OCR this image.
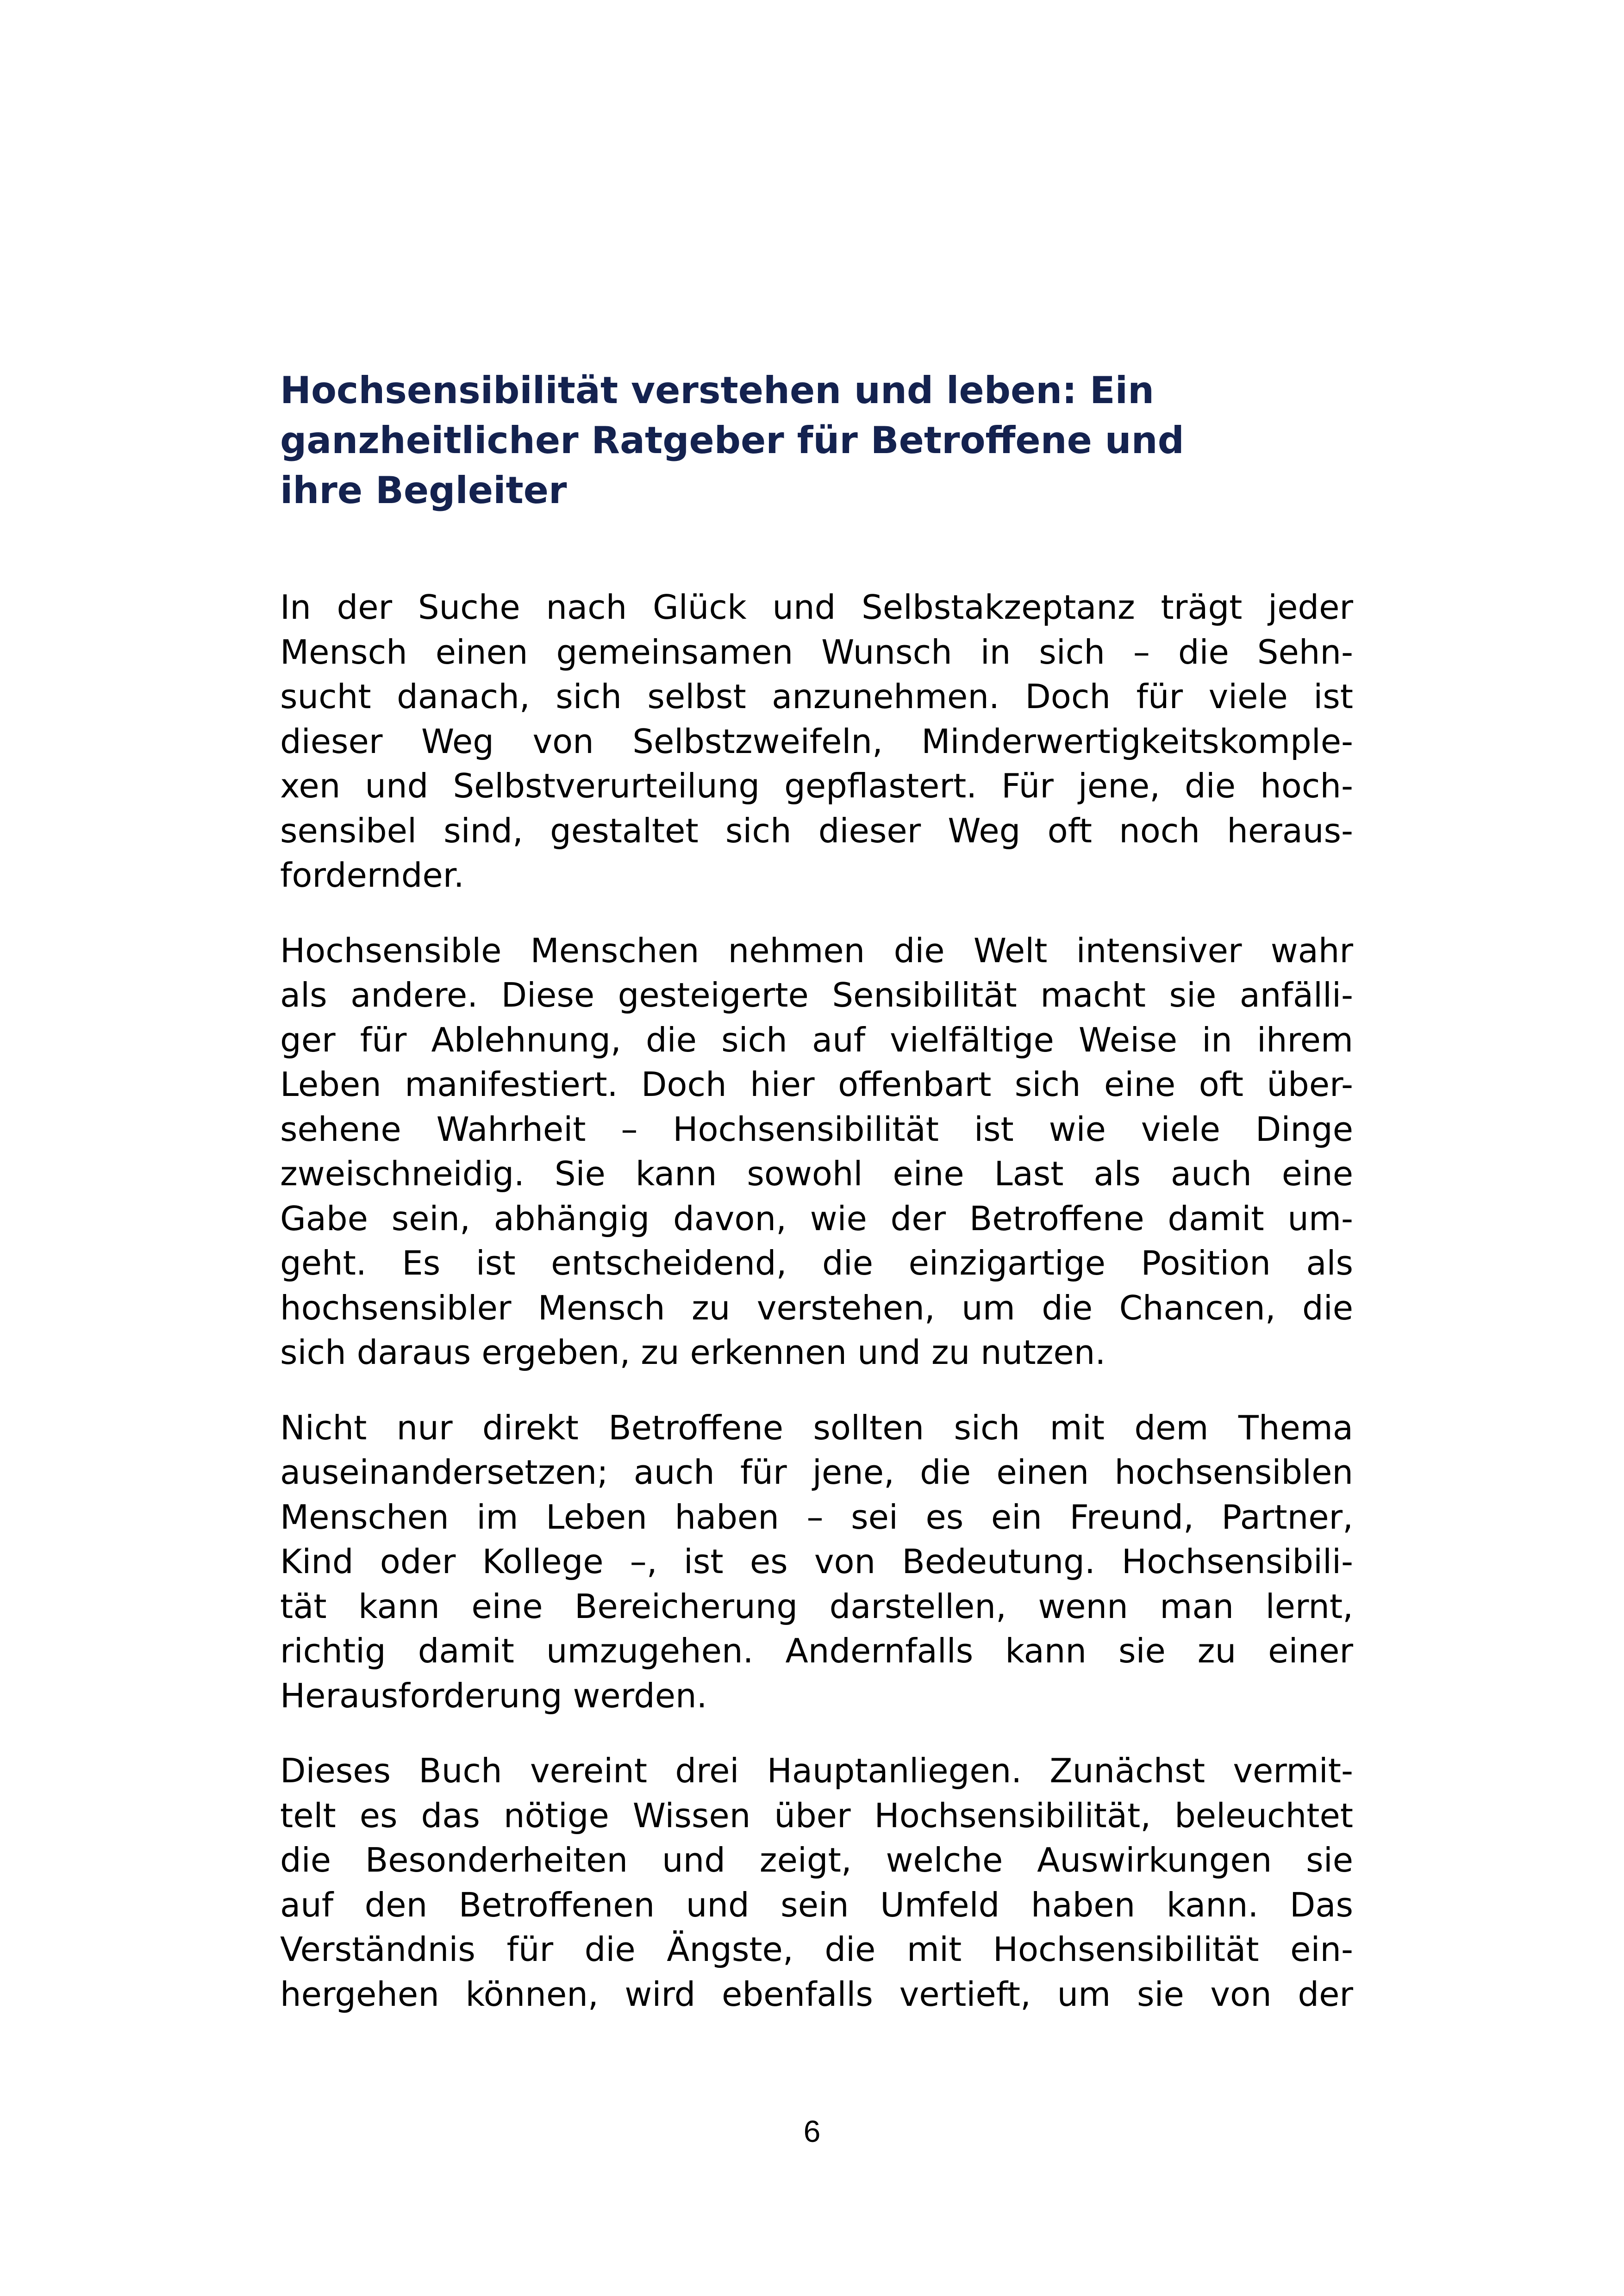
Hochsensibilität verstehen und leben: Ein
ganzheitlicher Ratgeber für Betroffene und
ihre Begleiter

In der Suche nach Glück und Selbstakzeptanz trägt jeder
Mensch einen gemeinsamen Wunsch in sich – die Sehn-
sucht danach, sich selbst anzunehmen. Doch für viele ist
dieser Weg von Selbstzweifeln, Minderwertigkeitskomple-
xen und Selbstverurteilung gepflastert. Für jene, die hoch-
sensibel sind, gestaltet sich dieser Weg oft noch heraus-
fordernder.

Hochsensible Menschen nehmen die Welt intensiver wahr
als andere. Diese gesteigerte Sensibilität macht sie anfälli-
ger für Ablehnung, die sich auf vielfältige Weise in ihrem
Leben manifestiert. Doch hier offenbart sich eine oft über-
sehene Wahrheit – Hochsensibilität ist wie viele Dinge
zweischneidig. Sie kann sowohl eine Last als auch eine
Gabe sein, abhängig davon, wie der Betroffene damit um-
geht. Es ist entscheidend, die einzigartige Position als
hochsensibler Mensch zu verstehen, um die Chancen, die
sich daraus ergeben, zu erkennen und zu nutzen.

Nicht nur direkt Betroffene sollten sich mit dem Thema
auseinandersetzen; auch für jene, die einen hochsensiblen
Menschen im Leben haben – sei es ein Freund, Partner,
Kind oder Kollege –, ist es von Bedeutung. Hochsensibili-
tät kann eine Bereicherung darstellen, wenn man lernt,
richtig damit umzugehen. Andernfalls kann sie zu einer
Herausforderung werden.

Dieses Buch vereint drei Hauptanliegen. Zunächst vermit-
telt es das nötige Wissen über Hochsensibilität, beleuchtet
die Besonderheiten und zeigt, welche Auswirkungen sie
auf den Betroffenen und sein Umfeld haben kann. Das
Verständnis für die Ängste, die mit Hochsensibilität ein-
hergehen können, wird ebenfalls vertieft, um sie von der

6
